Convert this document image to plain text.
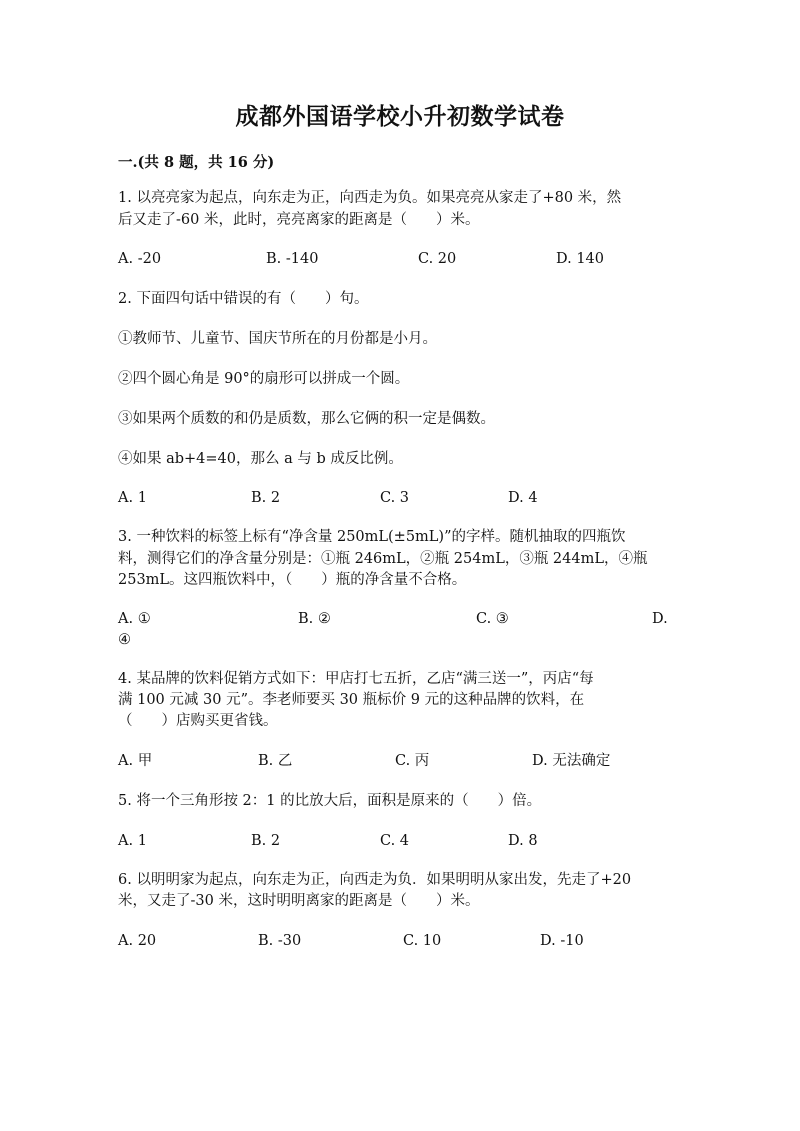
成都外国语学校小升初数学试卷
一.(共 8 题，共 16 分)
1. 以亮亮家为起点，向东走为正，向西走为负。如果亮亮从家走了+80 米，然
后又走了-60 米，此时，亮亮离家的距离是（　　）米。
A. -20	B. -140	C. 20	D. 140
2. 下面四句话中错误的有（　　）句。
①教师节、儿童节、国庆节所在的月份都是小月。
②四个圆心角是 90°的扇形可以拼成一个圆。
③如果两个质数的和仍是质数，那么它俩的积一定是偶数。
④如果 ab+4=40，那么 a 与 b 成反比例。
A. 1	B. 2	C. 3	D. 4
3. 一种饮料的标签上标有“净含量 250mL(±5mL)”的字样。随机抽取的四瓶饮
料，测得它们的净含量分别是：①瓶 246mL，②瓶 254mL，③瓶 244mL，④瓶
253mL。这四瓶饮料中，（　　）瓶的净含量不合格。
A. ①	B. ②	C. ③	D.
④
4. 某品牌的饮料促销方式如下：甲店打七五折，乙店“满三送一”，丙店“每
满 100 元减 30 元”。李老师要买 30 瓶标价 9 元的这种品牌的饮料，在
（　　）店购买更省钱。
A. 甲	B. 乙	C. 丙	D. 无法确定
5. 将一个三角形按 2：1 的比放大后，面积是原来的（　　）倍。
A. 1	B. 2	C. 4	D. 8
6. 以明明家为起点，向东走为正，向西走为负．如果明明从家出发，先走了+20
米，又走了-30 米，这时明明离家的距离是（　　）米。
A. 20	B. -30	C. 10	D. -10
